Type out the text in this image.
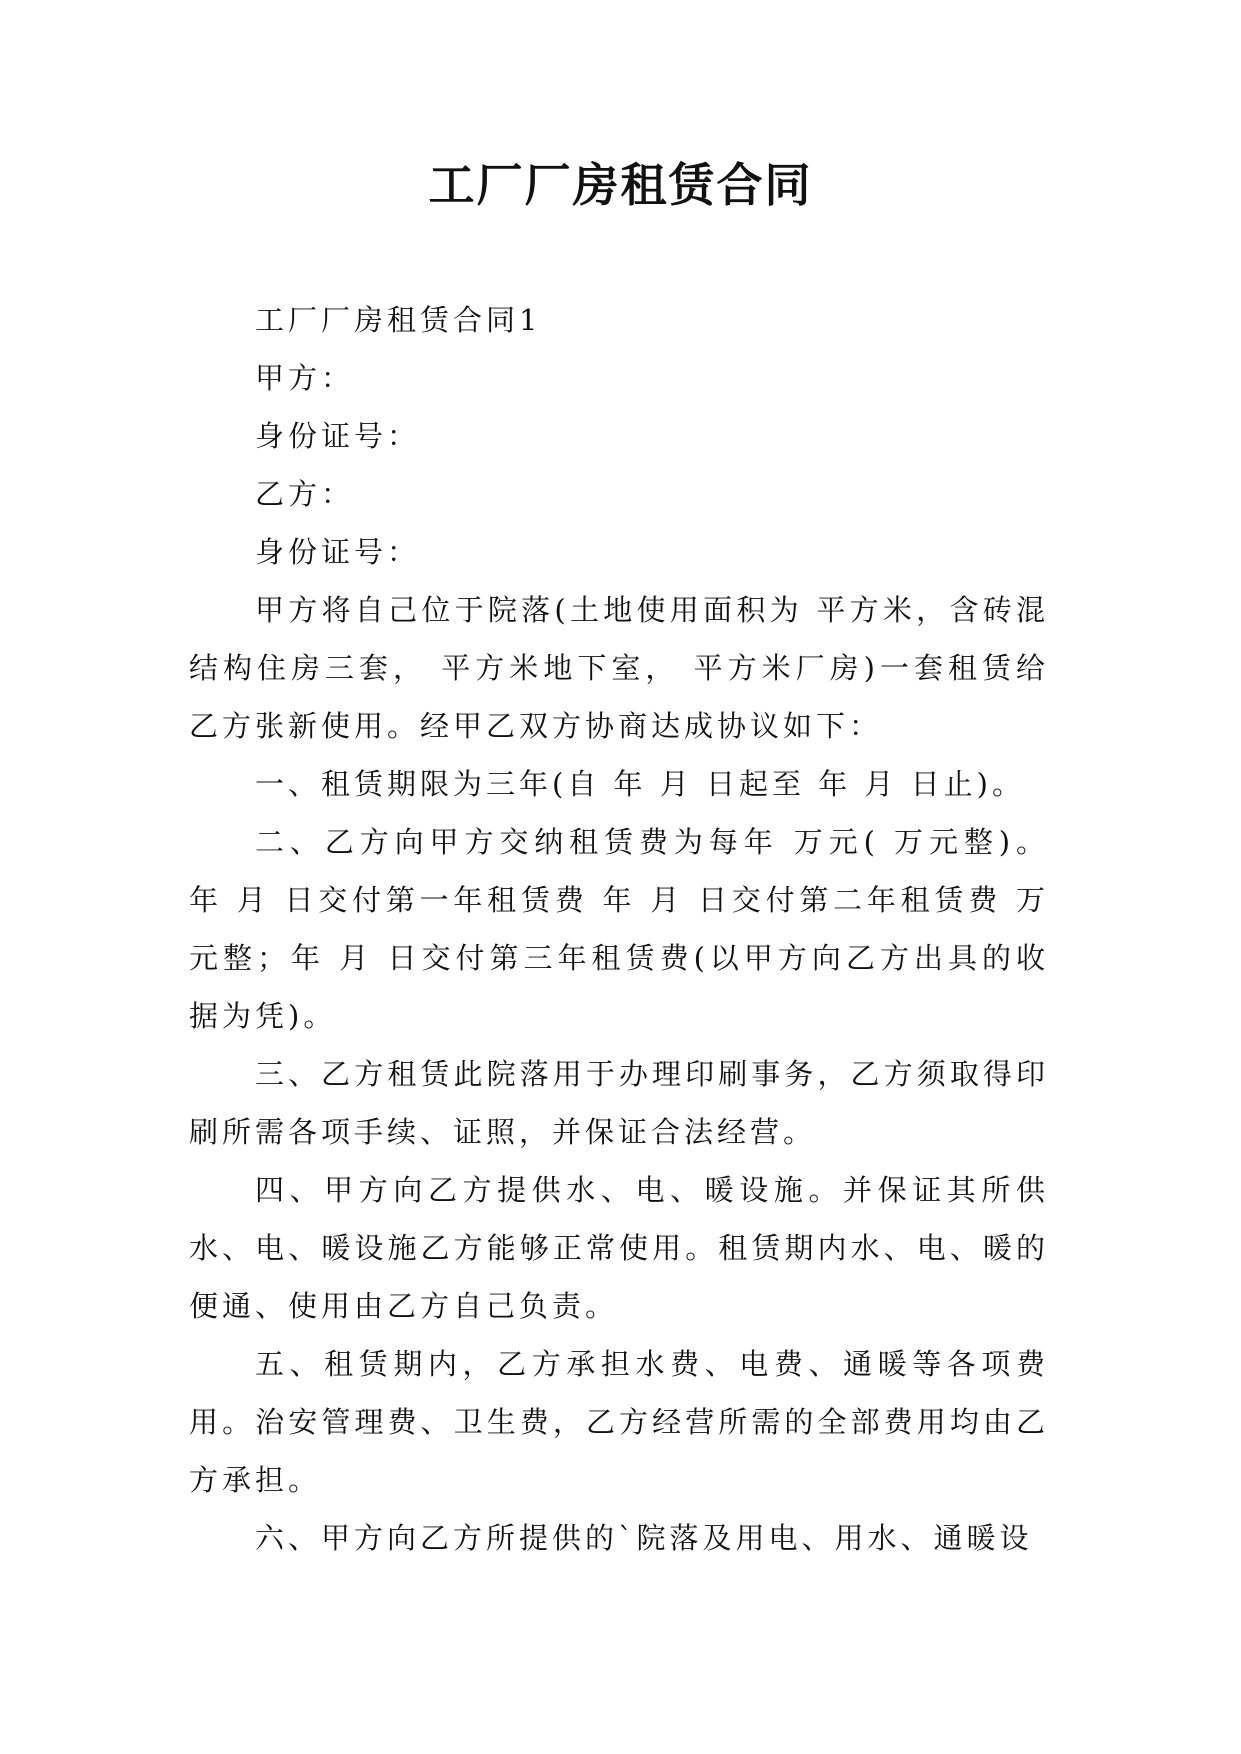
工厂厂房租赁合同

工厂厂房租赁合同1

甲方：

身份证号：

乙方：

身份证号：

甲方将自己位于院落(土地使用面积为 平方米，含砖混结构住房三套， 平方米地下室， 平方米厂房)一套租赁给乙方张新使用。经甲乙双方协商达成协议如下：

一、租赁期限为三年(自 年 月 日起至 年 月 日止)。

二、乙方向甲方交纳租赁费为每年 万元( 万元整)。 年 月 日交付第一年租赁费 年 月 日交付第二年租赁费 万元整；年 月 日交付第三年租赁费(以甲方向乙方出具的收据为凭)。

三、乙方租赁此院落用于办理印刷事务，乙方须取得印刷所需各项手续、证照，并保证合法经营。

四、甲方向乙方提供水、电、暖设施。并保证其所供水、电、暖设施乙方能够正常使用。租赁期内水、电、暖的便通、使用由乙方自己负责。

五、租赁期内，乙方承担水费、电费、通暖等各项费用。治安管理费、卫生费，乙方经营所需的全部费用均由乙方承担。

六、甲方向乙方所提供的`院落及用电、用水、通暖设
